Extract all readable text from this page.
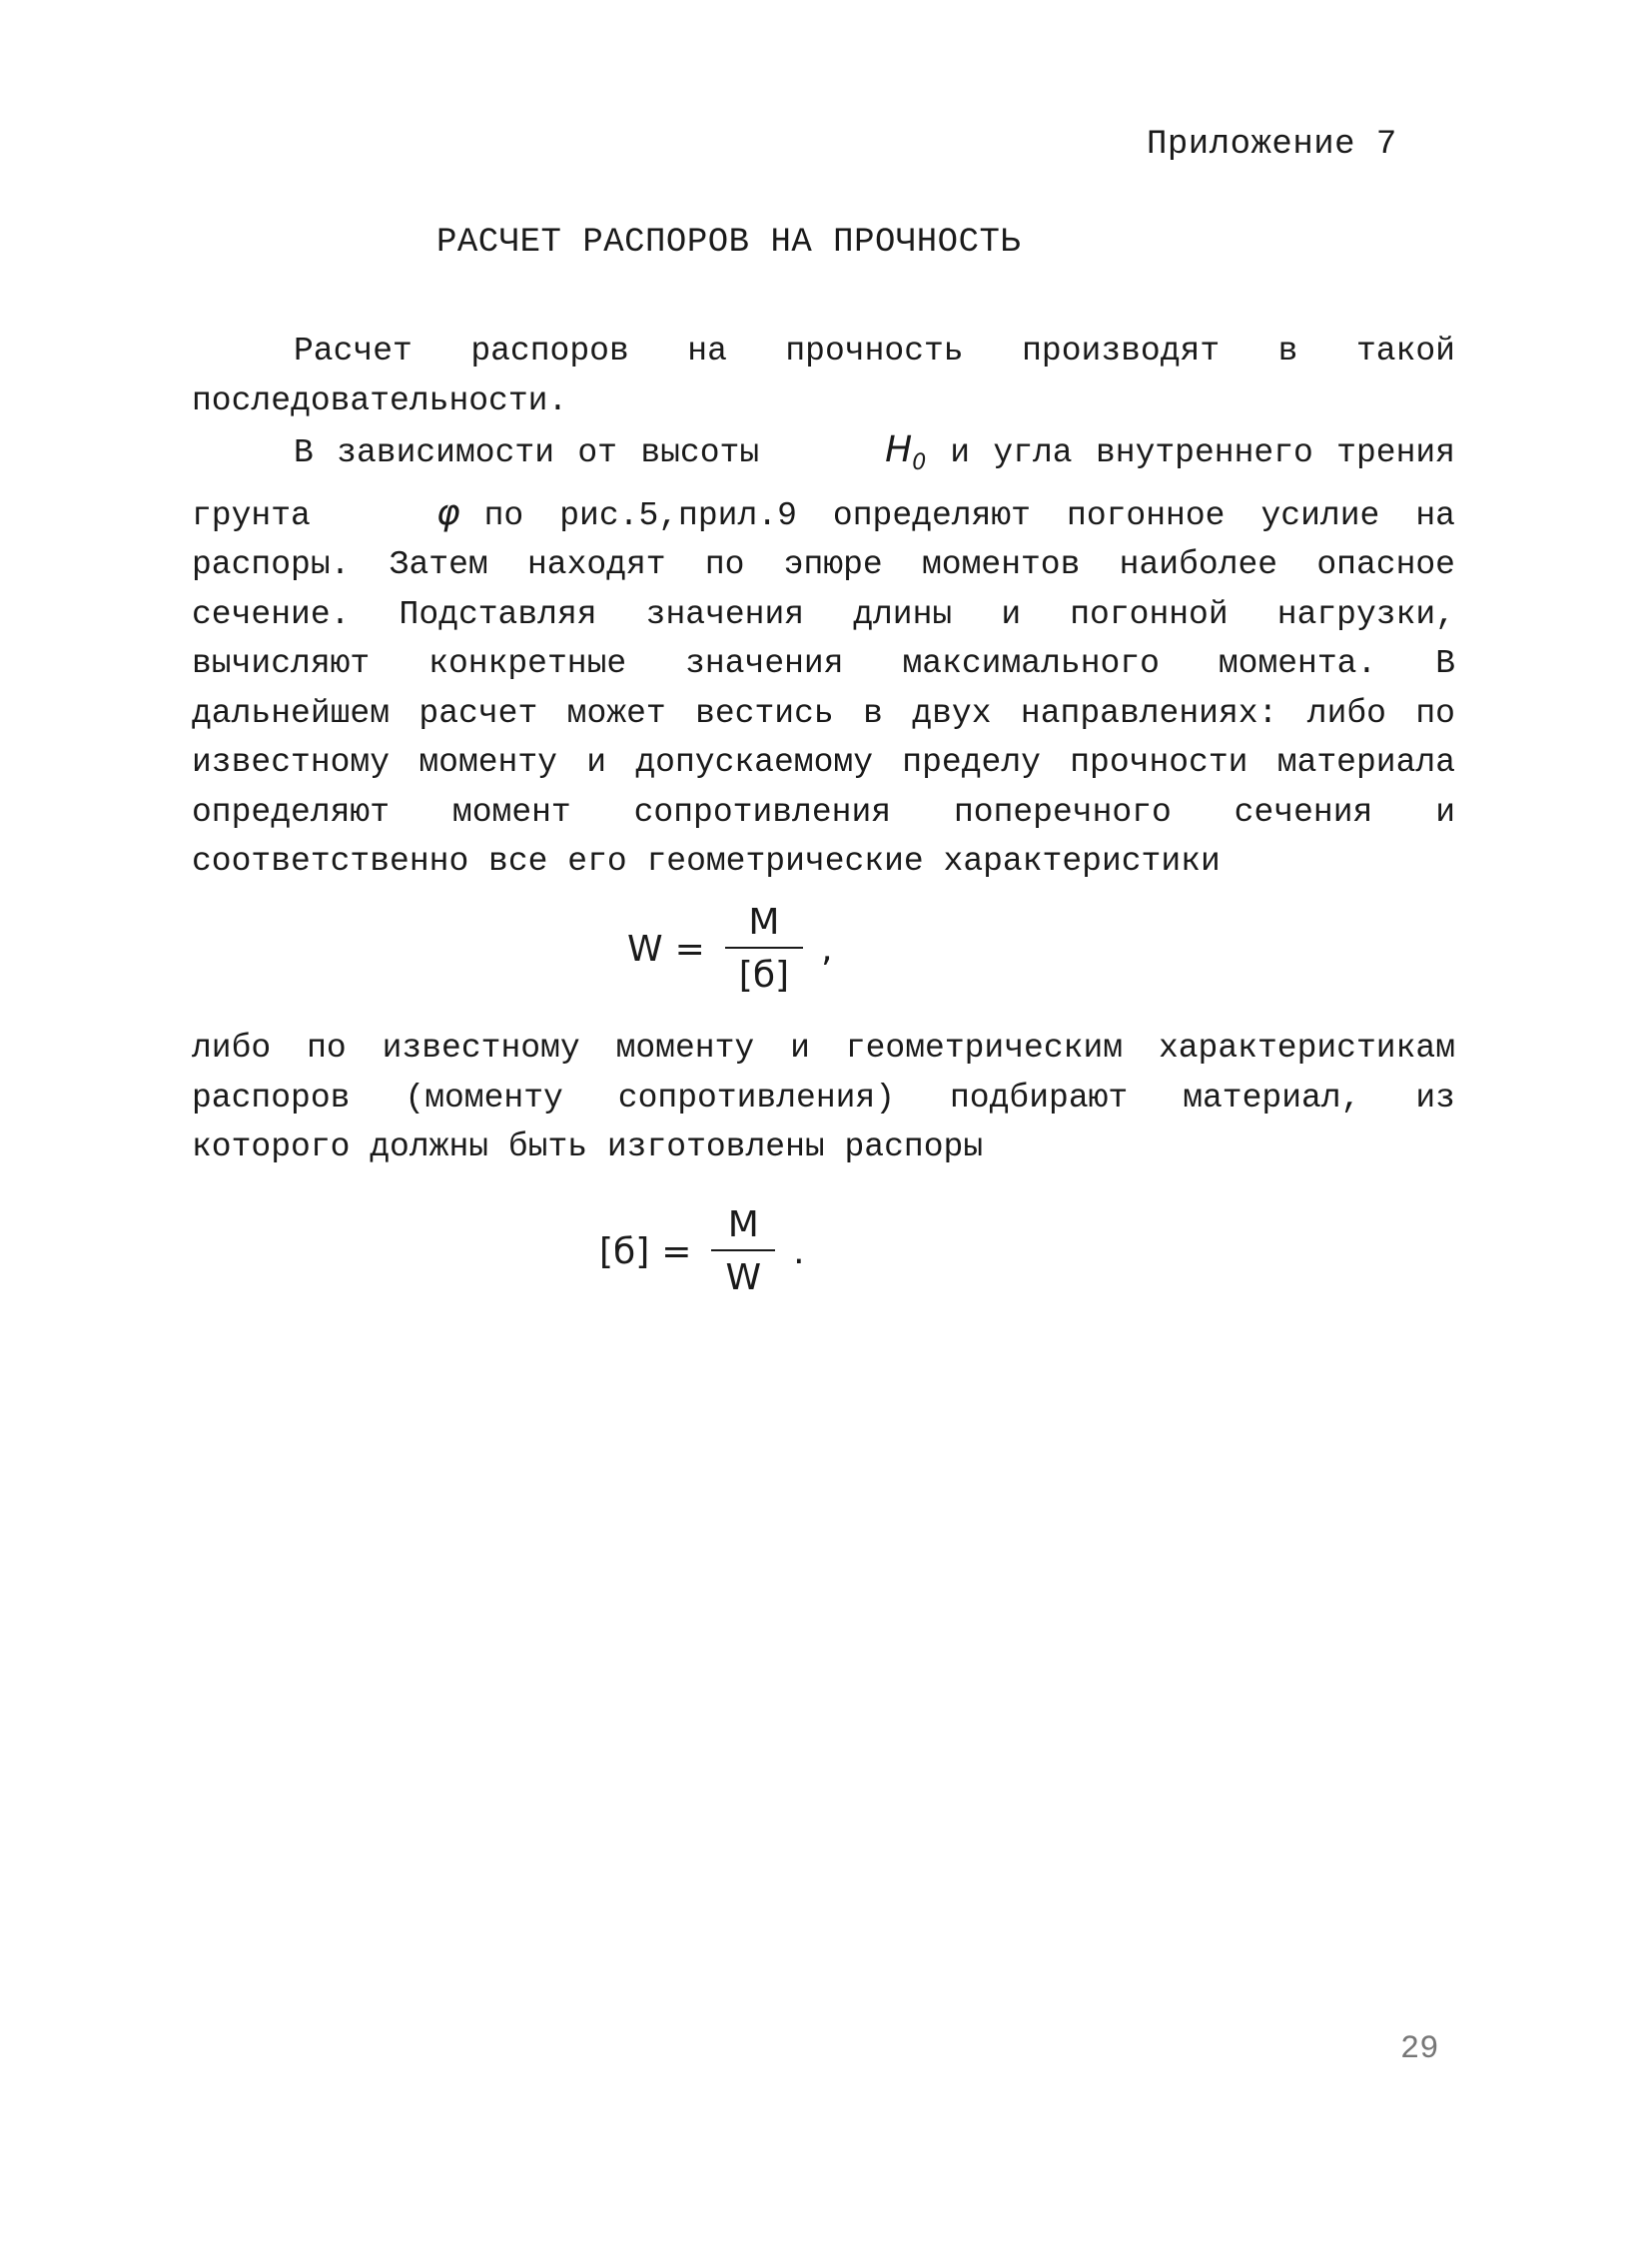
Приложение 7
РАСЧЕТ РАСПОРОВ НА ПРОЧНОСТЬ
Расчет распоров на прочность производят в такой последовательности.
В зависимости от высоты	$H_0$ и угла внутреннего трения грунта	φ по рис.5,прил.9 определяют погонное усилие на распоры. Затем находят по эпюре моментов наиболее опасное сечение. Подставляя значения длины и погонной нагрузки, вычисляют конкретные значения максимального момента. В дальнейшем расчет может вестись в двух направлениях: либо по известному моменту и допускаемому пределу прочности материала определяют момент сопротивления поперечного сечения и соответственно все его геометрические характеристики
$W = \frac{M}{[б]}$ ,
либо по известному моменту и геометрическим характеристикам распоров (моменту сопротивления) подбирают материал, из которого должны быть изготовлены распоры
$[б] = \frac{M}{W}$ .
29
